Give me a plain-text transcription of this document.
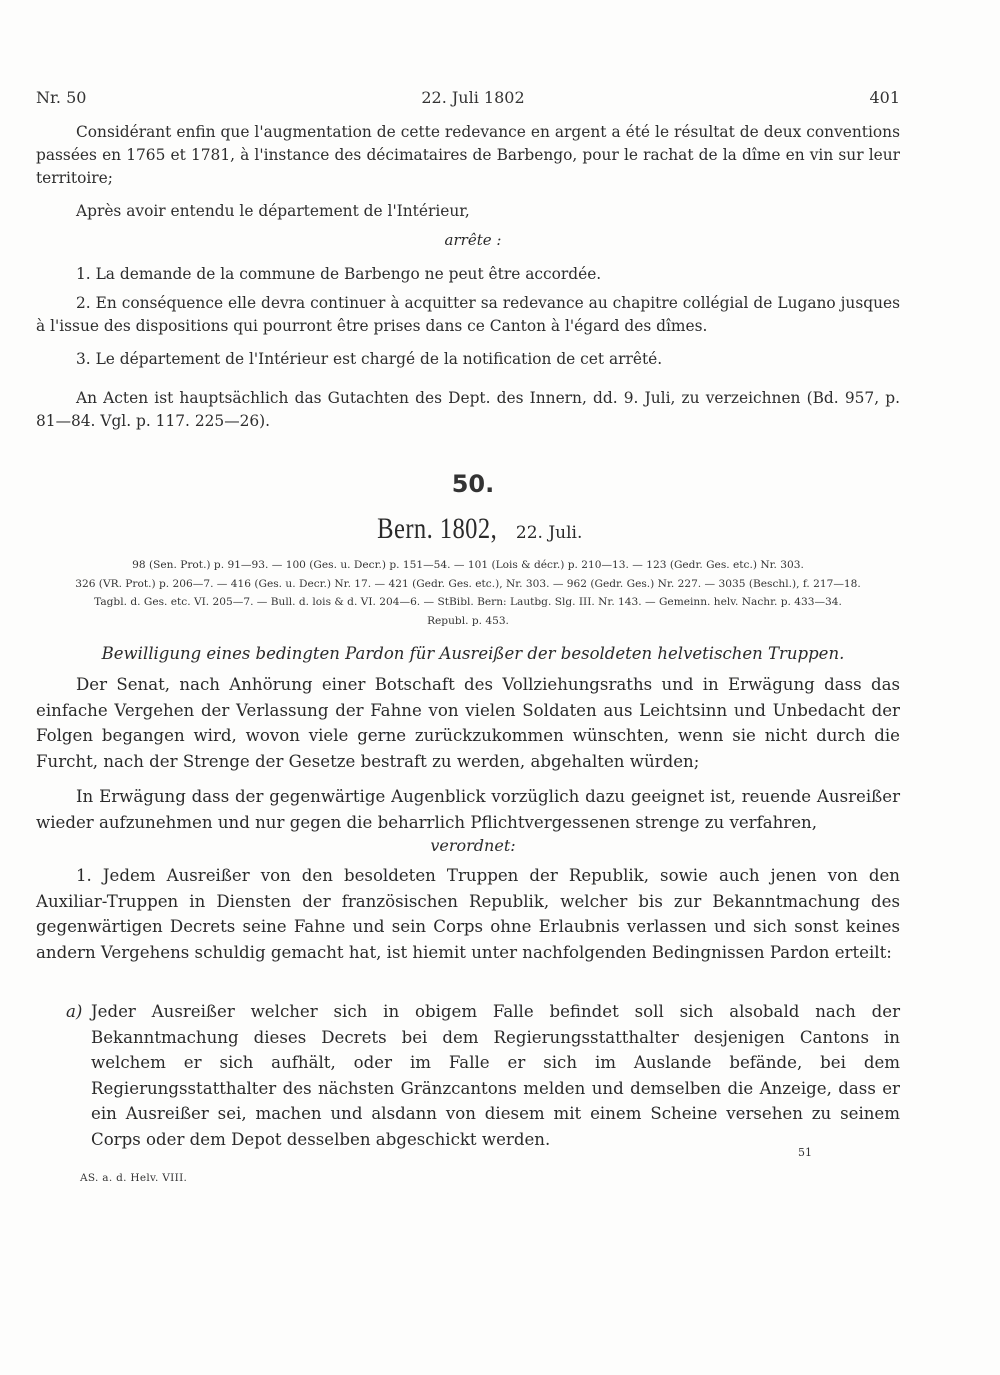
Nr. 50	22. Juli 1802	401

Considérant enfin que l'augmentation de cette redevance en argent a été le résultat de deux conventions passées en 1765 et 1781, à l'instance des décimataires de Barbengo, pour le rachat de la dîme en vin sur leur territoire;

Après avoir entendu le département de l'Intérieur,

arrête :

1. La demande de la commune de Barbengo ne peut être accordée.

2. En conséquence elle devra continuer à acquitter sa redevance au chapitre collégial de Lugano jusques à l'issue des dispositions qui pourront être prises dans ce Canton à l'égard des dîmes.

3. Le département de l'Intérieur est chargé de la notification de cet arrêté.

An Acten ist hauptsächlich das Gutachten des Dept. des Innern, dd. 9. Juli, zu verzeichnen (Bd. 957, p. 81—84. Vgl. p. 117. 225—26).

50.
Bern. 1802, 22. Juli.

98 (Sen. Prot.) p. 91—93. — 100 (Ges. u. Decr.) p. 151—54. — 101 (Lois & décr.) p. 210—13. — 123 (Gedr. Ges. etc.) Nr. 303.

326 (VR. Prot.) p. 206—7. — 416 (Ges. u. Decr.) Nr. 17. — 421 (Gedr. Ges. etc.), Nr. 303. — 962 (Gedr. Ges.) Nr. 227. — 3035 (Beschl.), f. 217—18.

Tagbl. d. Ges. etc. VI. 205—7. — Bull. d. lois & d. VI. 204—6. — StBibl. Bern: Lautbg. Slg. III. Nr. 143. — Gemeinn. helv. Nachr. p. 433—34.

Republ. p. 453.

Bewilligung eines bedingten Pardon für Ausreißer der besoldeten helvetischen Truppen.

Der Senat, nach Anhörung einer Botschaft des Vollziehungsraths und in Erwägung dass das einfache Vergehen der Verlassung der Fahne von vielen Soldaten aus Leichtsinn und Unbedacht der Folgen begangen wird, wovon viele gerne zurückzukommen wünschten, wenn sie nicht durch die Furcht, nach der Strenge der Gesetze bestraft zu werden, abgehalten würden;

In Erwägung dass der gegenwärtige Augenblick vorzüglich dazu geeignet ist, reuende Ausreißer wieder aufzunehmen und nur gegen die beharrlich Pflichtvergessenen strenge zu verfahren,

verordnet:

1. Jedem Ausreißer von den besoldeten Truppen der Republik, sowie auch jenen von den Auxiliar-Truppen in Diensten der französischen Republik, welcher bis zur Bekanntmachung des gegenwärtigen Decrets seine Fahne und sein Corps ohne Erlaubnis verlassen und sich sonst keines andern Vergehens schuldig gemacht hat, ist hiemit unter nachfolgenden Bedingnissen Pardon erteilt:

a) Jeder Ausreißer welcher sich in obigem Falle befindet soll sich alsobald nach der Bekanntmachung dieses Decrets bei dem Regierungsstatthalter desjenigen Cantons in welchem er sich aufhält, oder im Falle er sich im Auslande befände, bei dem Regierungsstatthalter des nächsten Gränzcantons melden und demselben die Anzeige, dass er ein Ausreißer sei, machen und alsdann von diesem mit einem Scheine versehen zu seinem Corps oder dem Depot desselben abgeschickt werden.

AS. a. d. Helv. VIII.
51
